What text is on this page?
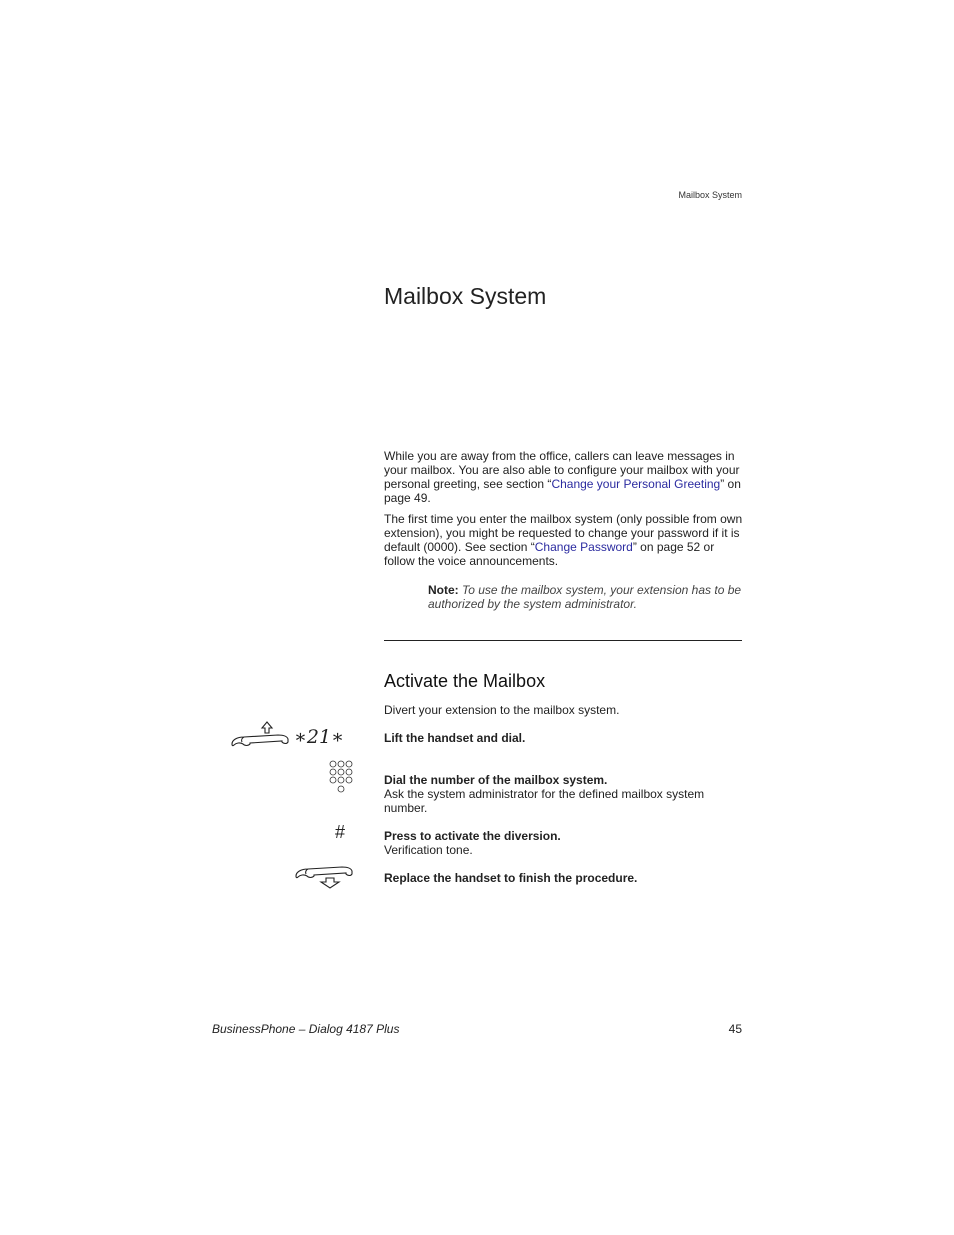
Mailbox System
Mailbox System

While you are away from the office, callers can leave messages in your mailbox. You are also able to configure your mailbox with your personal greeting, see section “Change your Personal Greeting” on page 49.

The first time you enter the mailbox system (only possible from own extension), you might be requested to change your password if it is default (0000). See section “Change Password” on page 52 or follow the voice announcements.

Note: To use the mailbox system, your extension has to be authorized by the system administrator.

Activate the Mailbox
Divert your extension to the mailbox system.
∗21∗	Lift the handset and dial.
Dial the number of the mailbox system.
Ask the system administrator for the defined mailbox system number.
#	Press to activate the diversion.
Verification tone.
Replace the handset to finish the procedure.
BusinessPhone – Dialog 4187 Plus	45
